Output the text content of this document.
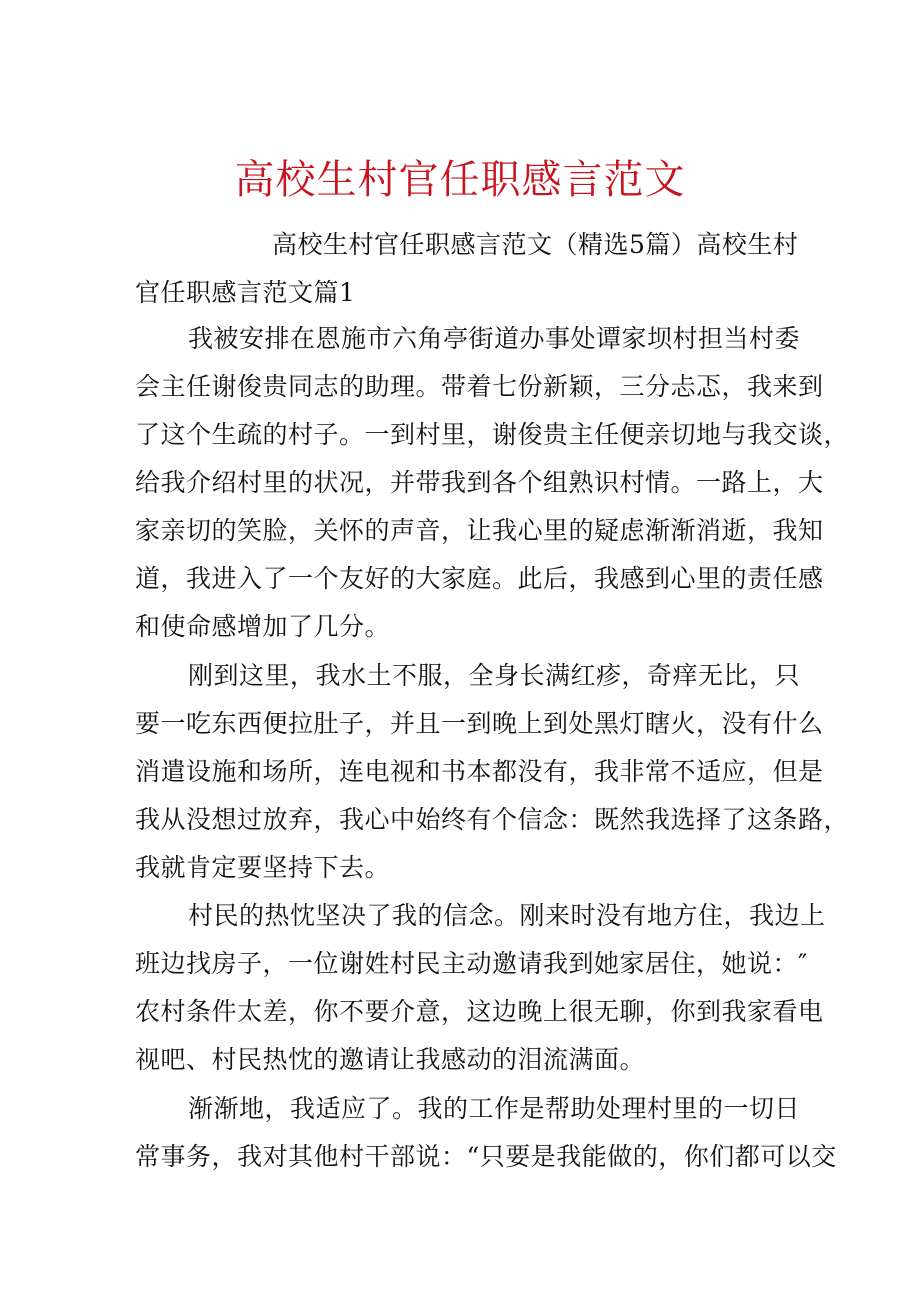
高校生村官任职感言范文
高校生村官任职感言范文（精选5篇）高校生村
官任职感言范文篇1
我被安排在恩施市六角亭街道办事处谭家坝村担当村委
会主任谢俊贵同志的助理。带着七份新颖，三分忐忑，我来到
了这个生疏的村子。一到村里，谢俊贵主任便亲切地与我交谈，
给我介绍村里的状况，并带我到各个组熟识村情。一路上，大
家亲切的笑脸，关怀的声音，让我心里的疑虑渐渐消逝，我知
道，我进入了一个友好的大家庭。此后，我感到心里的责任感
和使命感增加了几分。
刚到这里，我水土不服，全身长满红疹，奇痒无比，只
要一吃东西便拉肚子，并且一到晚上到处黑灯瞎火，没有什么
消遣设施和场所，连电视和书本都没有，我非常不适应，但是
我从没想过放弃，我心中始终有个信念：既然我选择了这条路，
我就肯定要坚持下去。
村民的热忱坚决了我的信念。刚来时没有地方住，我边上
班边找房子，一位谢姓村民主动邀请我到她家居住，她说：″
农村条件太差，你不要介意，这边晚上很无聊，你到我家看电
视吧、村民热忱的邀请让我感动的泪流满面。
渐渐地，我适应了。我的工作是帮助处理村里的一切日
常事务，我对其他村干部说：“只要是我能做的，你们都可以交
